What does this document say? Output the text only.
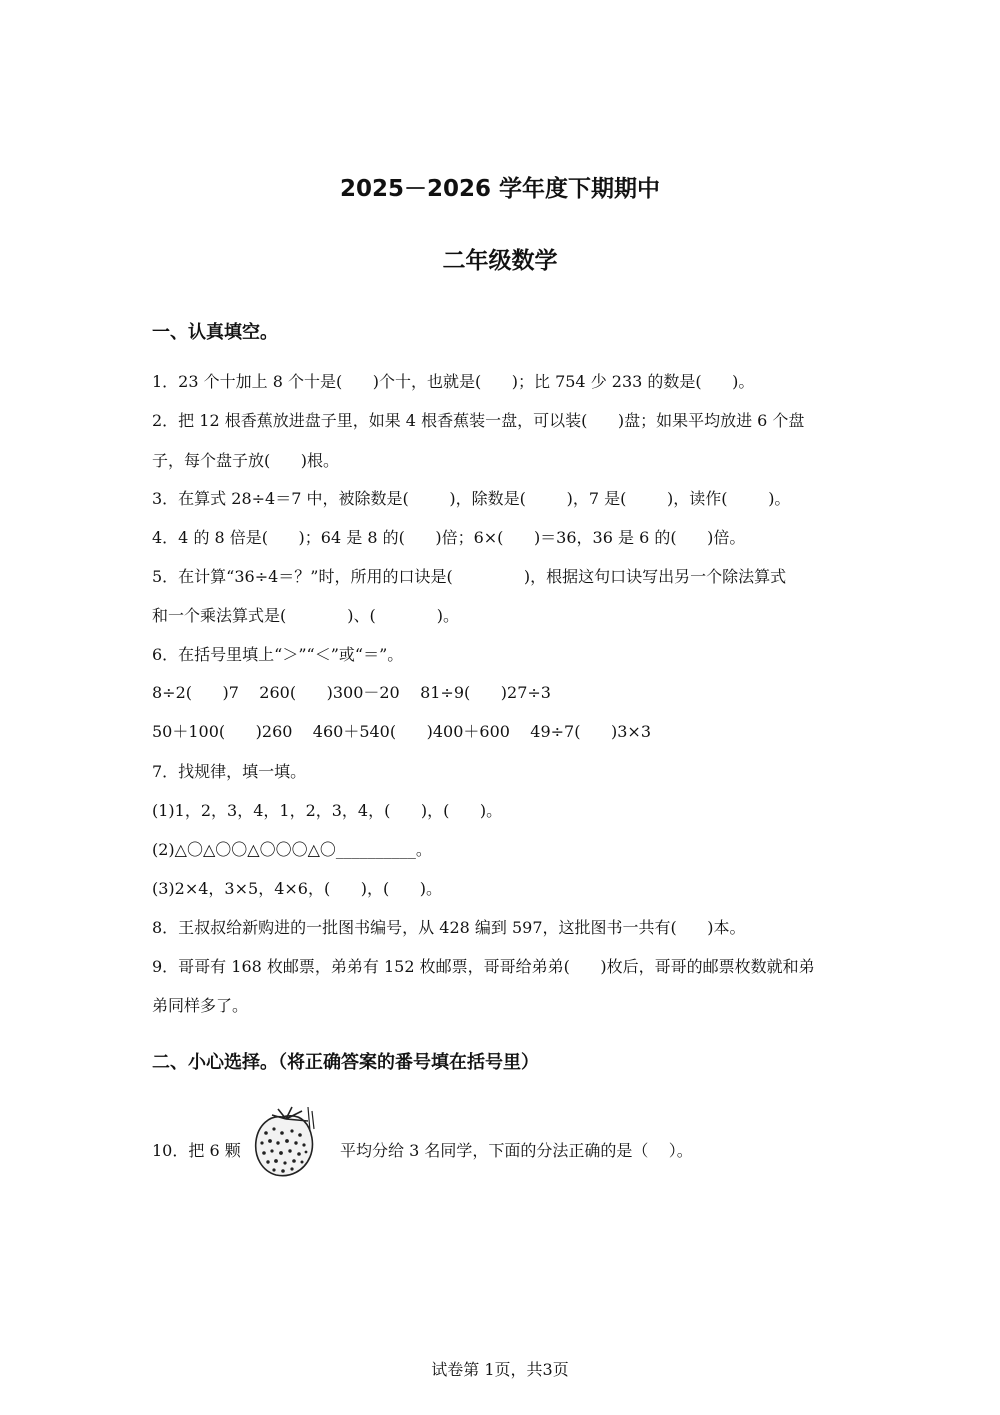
2025－2026 学年度下期期中
二年级数学
一、认真填空。
1．23 个十加上 8 个十是(      )个十，也就是(      )；比 754 少 233 的数是(      )。
2．把 12 根香蕉放进盘子里，如果 4 根香蕉装一盘，可以装(      )盘；如果平均放进 6 个盘
子，每个盘子放(      )根。
3．在算式 28÷4＝7 中，被除数是(        )，除数是(        )，7 是(        )，读作(        )。
4．4 的 8 倍是(      )；64 是 8 的(      )倍；6×(      )＝36，36 是 6 的(      )倍。
5．在计算“36÷4＝？”时，所用的口诀是(              )，根据这句口诀写出另一个除法算式
和一个乘法算式是(            )、(            )。
6．在括号里填上“＞”“＜”或“＝”。
8÷2(      )7    260(      )300－20    81÷9(      )27÷3
50＋100(      )260    460＋540(      )400＋600    49÷7(      )3×3
7．找规律，填一填。
(1)1，2，3，4，1，2，3，4，(      )，(      )。
(2)△〇△〇〇△〇〇〇△〇__________。
(3)2×4，3×5，4×6，(      )，(      )。
8．王叔叔给新购进的一批图书编号，从 428 编到 597，这批图书一共有(      )本。
9．哥哥有 168 枚邮票，弟弟有 152 枚邮票，哥哥给弟弟(      )枚后，哥哥的邮票枚数就和弟
弟同样多了。
二、小心选择。（将正确答案的番号填在括号里）
10．把 6 颗	平均分给 3 名同学，下面的分法正确的是（    ）。
试卷第 1页，共3页
